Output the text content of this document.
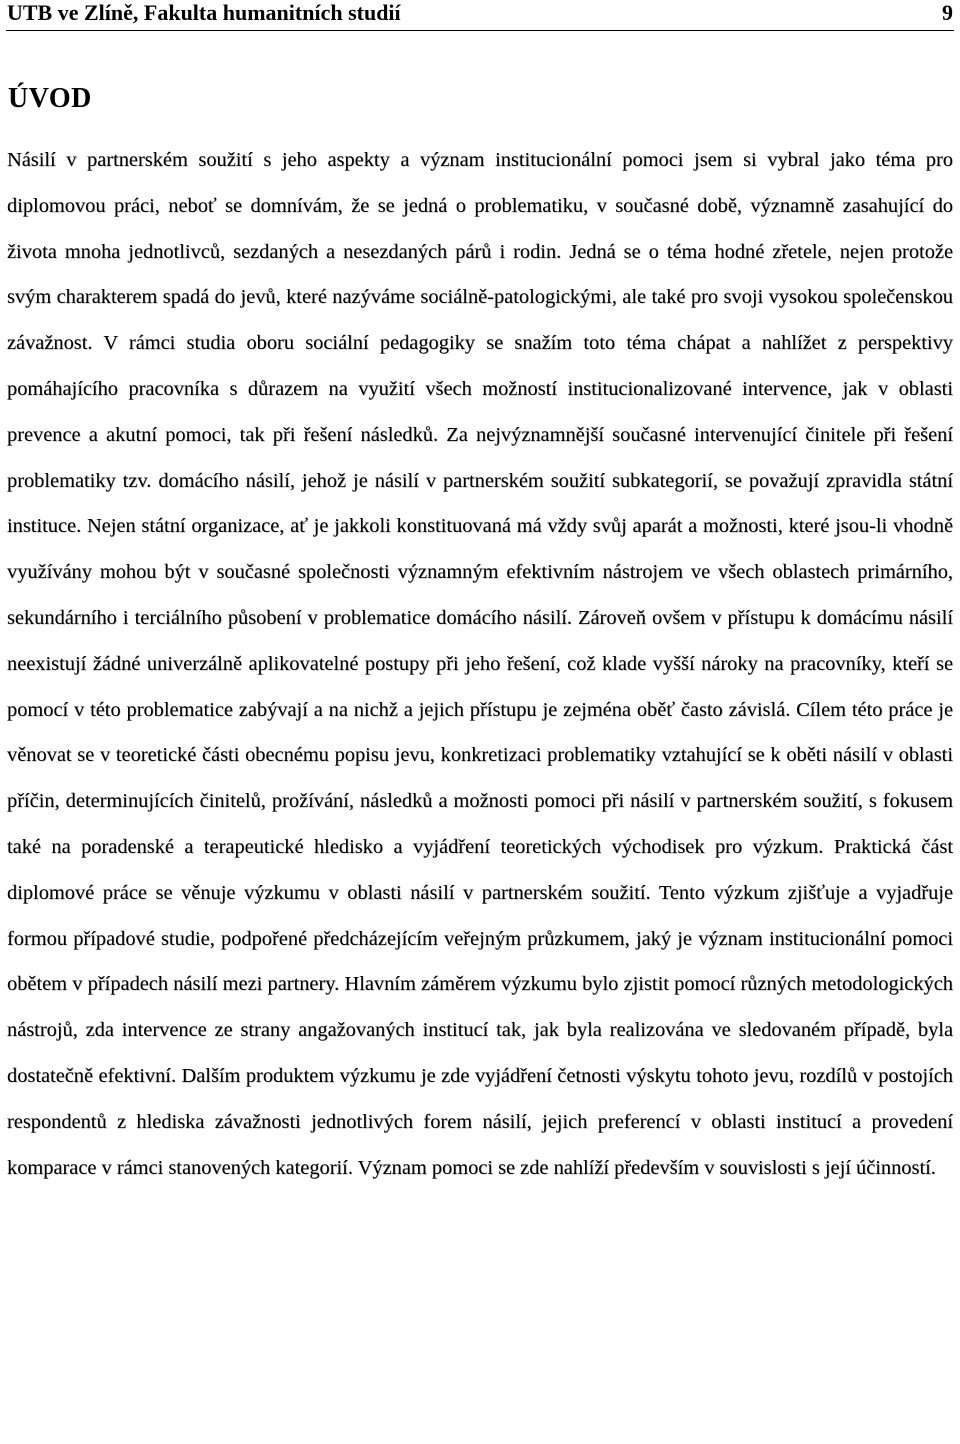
UTB ve Zlíně, Fakulta humanitních studií	9
ÚVOD

Násilí v partnerském soužití s jeho aspekty a význam institucionální pomoci jsem si vybral jako téma pro diplomovou práci, neboť se domnívám, že se jedná o problematiku, v současné době, významně zasahující do života mnoha jednotlivců, sezdaných a nesezdaných párů i rodin. Jedná se o téma hodné zřetele, nejen protože svým charakterem spadá do jevů, které nazýváme sociálně-patologickými, ale také pro svoji vysokou společenskou závažnost. V rámci studia oboru sociální pedagogiky se snažím toto téma chápat a nahlížet z perspektivy pomáhajícího pracovníka s důrazem na využití všech možností institucionalizované intervence, jak v oblasti prevence a akutní pomoci, tak při řešení následků. Za nejvýznamnější současné intervenující činitele při řešení problematiky tzv. domácího násilí, jehož je násilí v partnerském soužití subkategorií, se považují zpravidla státní instituce. Nejen státní organizace, ať je jakkoli konstituovaná má vždy svůj aparát a možnosti, které jsou-li vhodně využívány mohou být v současné společnosti významným efektivním nástrojem ve všech oblastech primárního, sekundárního i terciálního působení v problematice domácího násilí. Zároveň ovšem v přístupu k domácímu násilí neexistují žádné univerzálně aplikovatelné postupy při jeho řešení, což klade vyšší nároky na pracovníky, kteří se pomocí v této problematice zabývají a na nichž a jejich přístupu je zejména oběť často závislá. Cílem této práce je věnovat se v teoretické části obecnému popisu jevu, konkretizaci problematiky vztahující se k oběti násilí v oblasti příčin, determinujících činitelů, prožívání, následků a možnosti pomoci při násilí v partnerském soužití, s fokusem také na poradenské a terapeutické hledisko a vyjádření teoretických východisek pro výzkum. Praktická část diplomové práce se věnuje výzkumu v oblasti násilí v partnerském soužití. Tento výzkum zjišťuje a vyjadřuje formou případové studie, podpořené předcházejícím veřejným průzkumem, jaký je význam institucionální pomoci obětem v případech násilí mezi partnery. Hlavním záměrem výzkumu bylo zjistit pomocí různých metodologických nástrojů, zda intervence ze strany angažovaných institucí tak, jak byla realizována ve sledovaném případě, byla dostatečně efektivní. Dalším produktem výzkumu je zde vyjádření četnosti výskytu tohoto jevu, rozdílů v postojích respondentů z hlediska závažnosti jednotlivých forem násilí, jejich preferencí v oblasti institucí a provedení komparace v rámci stanovených kategorií. Význam pomoci se zde nahlíží především v souvislosti s její účinností.
